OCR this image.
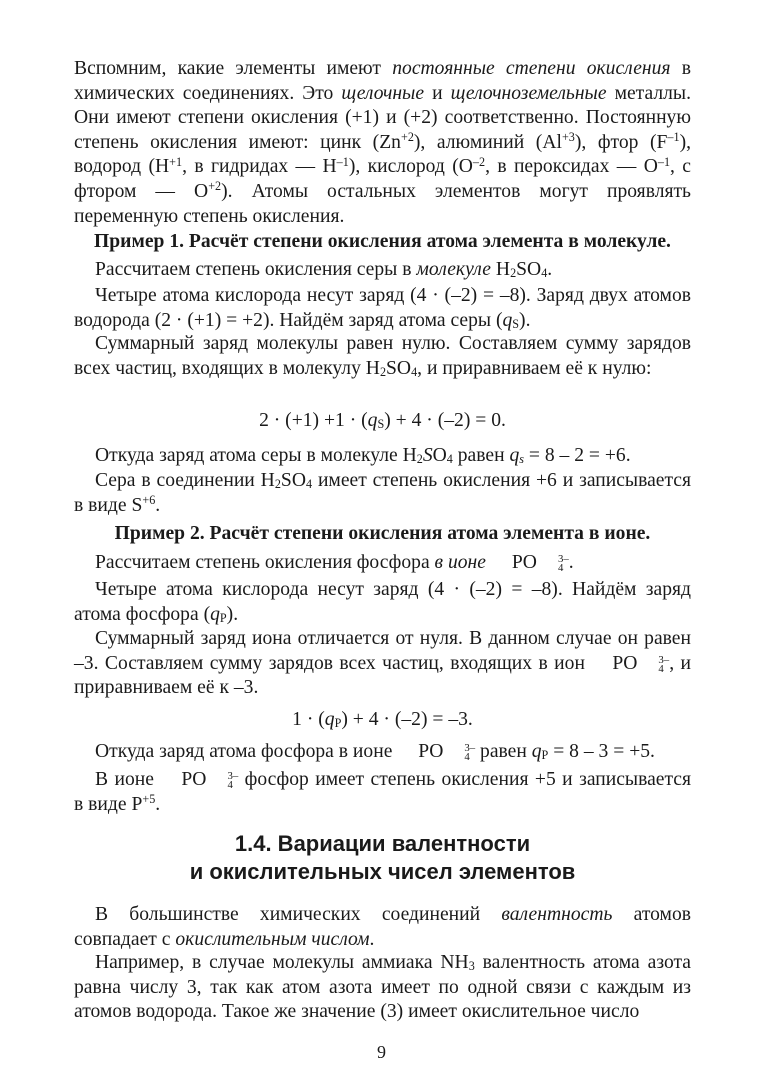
Вспомним, какие элементы имеют постоянные степени окисления в химических соединениях. Это щелочные и щелочноземельные металлы. Они имеют степени окисления (+1) и (+2) соответственно. Постоянную степень окисления имеют: цинк $(Zn^{+2})$, алюминий $(Al^{+3})$, фтор $(F^{-1})$, водород ($H^{+1}$, в гидридах — $H^{-1}$), кислород ($O^{-2}$, в пероксидах — $O^{-1}$, с фтором — $O^{+2}$). Атомы остальных элементов могут проявлять переменную степень окисления.

Пример 1. Расчёт степени окисления атома элемента в молекуле.

Рассчитаем степень окисления серы в молекуле $H_2SO_4$.

Четыре атома кислорода несут заряд (4 · (–2) = –8). Заряд двух атомов водорода (2 · (+1) = +2). Найдём заряд атома серы $(q_S)$.

Суммарный заряд молекулы равен нулю. Составляем сумму зарядов всех частиц, входящих в молекулу $H_2SO_4$, и приравниваем её к нулю:

$2 \cdot (+1) +1 \cdot (q_S) + 4 \cdot (-2) = 0$.

Откуда заряд атома серы в молекуле $H_2SO_4$ равен $q_s = 8 - 2 = +6$.

Сера в соединении $H_2SO_4$ имеет степень окисления +6 и записывается в виде $S^{+6}$.

Пример 2. Расчёт степени окисления атома элемента в ионе.

Рассчитаем степень окисления фосфора в ионе PO	3–
4 .

Четыре атома кислорода несут заряд (4 · (–2) = –8). Найдём заряд атома фосфора $(q_P)$.

Суммарный заряд иона отличается от нуля. В данном случае он равен –3. Составляем сумму зарядов всех частиц, входящих в ион PO	3–
4 , и приравниваем её к –3.

$1 \cdot (q_P) + 4 \cdot (-2) = -3$.

Откуда заряд атома фосфора в ионе PO	3–
4 равен $q_P = 8 - 3 = +5$.

В ионе PO	3–
4 фосфор имеет степень окисления +5 и записывается в виде $P^{+5}$.

1.4. Вариации валентности
и окислительных чисел элементов

В большинстве химических соединений валентность атомов совпадает с окислительным числом.

Например, в случае молекулы аммиака $NH_3$ валентность атома азота равна числу 3, так как атом азота имеет по одной связи с каждым из атомов водорода. Такое же значение (3) имеет окислительное число

9
